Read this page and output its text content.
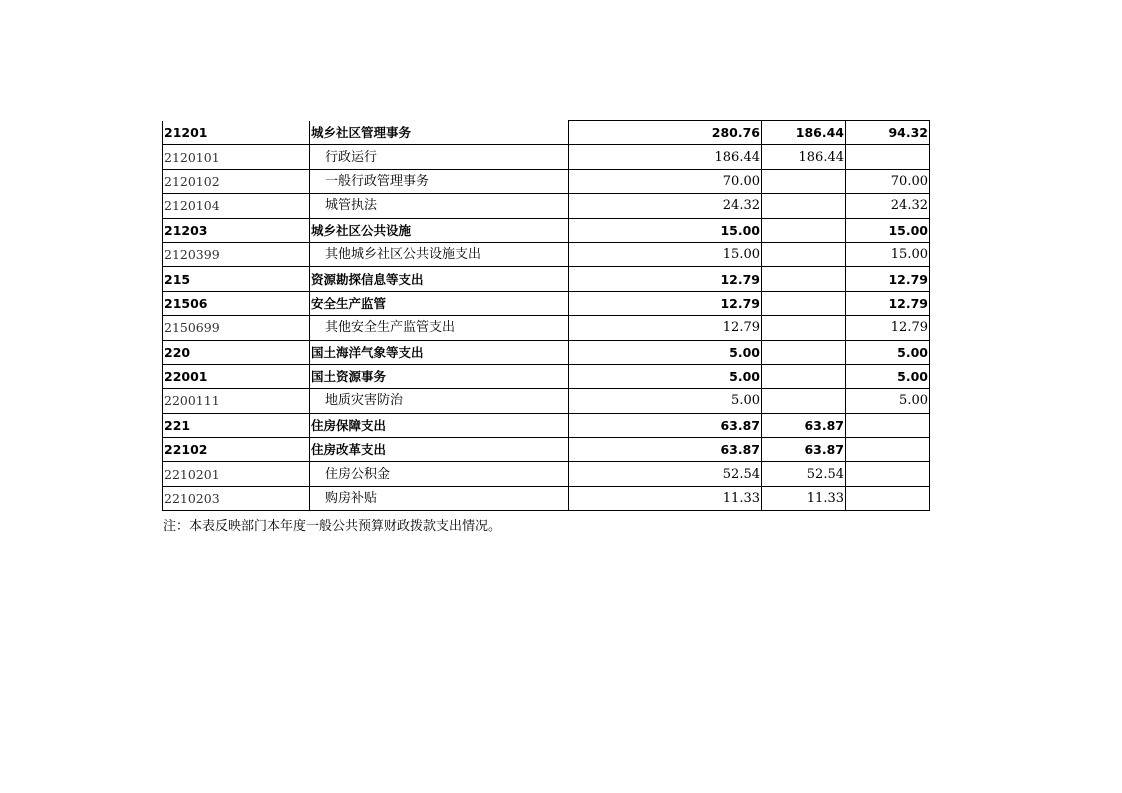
21201	城乡社区管理事务	280.76	186.44	94.32
2120101	行政运行	186.44	186.44	
2120102	一般行政管理事务	70.00		70.00
2120104	城管执法	24.32		24.32
21203	城乡社区公共设施	15.00		15.00
2120399	其他城乡社区公共设施支出	15.00		15.00
215	资源勘探信息等支出	12.79		12.79
21506	安全生产监管	12.79		12.79
2150699	其他安全生产监管支出	12.79		12.79
220	国土海洋气象等支出	5.00		5.00
22001	国土资源事务	5.00		5.00
2200111	地质灾害防治	5.00		5.00
221	住房保障支出	63.87	63.87	
22102	住房改革支出	63.87	63.87	
2210201	住房公积金	52.54	52.54	
2210203	购房补贴	11.33	11.33	
注：本表反映部门本年度一般公共预算财政拨款支出情况。
